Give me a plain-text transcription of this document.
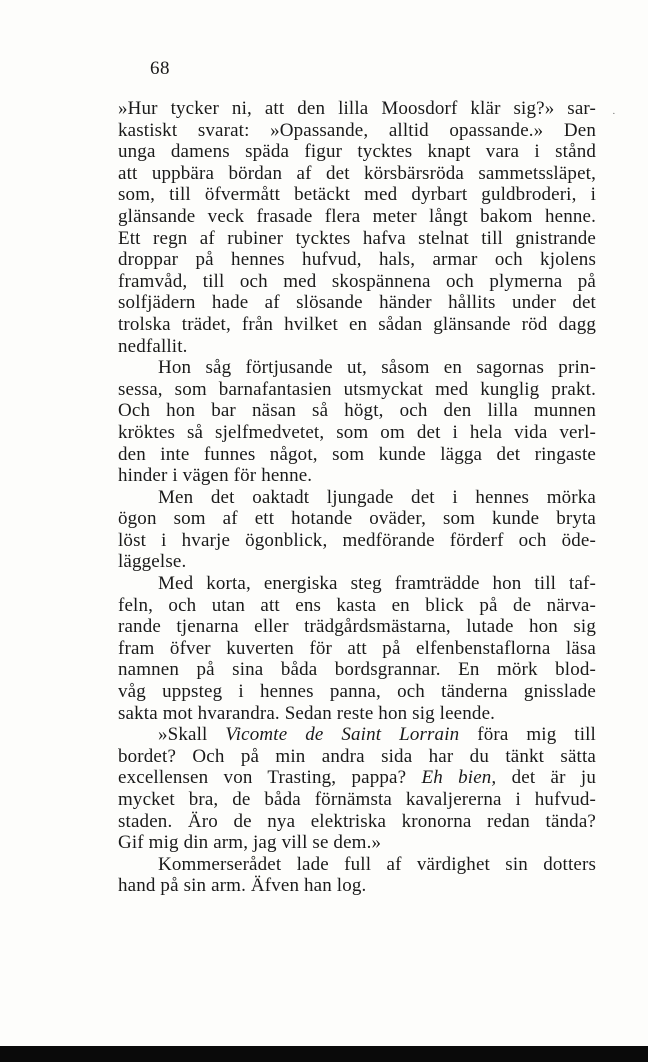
68
·
»Hur tycker ni, att den lilla Moosdorf klär sig?» sar-
kastiskt svarat: »Opassande, alltid opassande.» Den
unga damens späda figur tycktes knapt vara i stånd
att uppbära bördan af det körsbärsröda sammetssläpet,
som, till öfvermått betäckt med dyrbart guldbroderi, i
glänsande veck frasade flera meter långt bakom henne.
Ett regn af rubiner tycktes hafva stelnat till gnistrande
droppar på hennes hufvud, hals, armar och kjolens
framvåd, till och med skospännena och plymerna på
solfjädern hade af slösande händer hållits under det
trolska trädet, från hvilket en sådan glänsande röd dagg
nedfallit.
Hon såg förtjusande ut, såsom en sagornas prin-
sessa, som barnafantasien utsmyckat med kunglig prakt.
Och hon bar näsan så högt, och den lilla munnen
kröktes så sjelfmedvetet, som om det i hela vida verl-
den inte funnes något, som kunde lägga det ringaste
hinder i vägen för henne.
Men det oaktadt ljungade det i hennes mörka
ögon som af ett hotande oväder, som kunde bryta
löst i hvarje ögonblick, medförande förderf och öde-
läggelse.
Med korta, energiska steg framträdde hon till taf-
feln, och utan att ens kasta en blick på de närva-
rande tjenarna eller trädgårdsmästarna, lutade hon sig
fram öfver kuverten för att på elfenbenstaflorna läsa
namnen på sina båda bordsgrannar. En mörk blod-
våg uppsteg i hennes panna, och tänderna gnisslade
sakta mot hvarandra. Sedan reste hon sig leende.
»Skall Vicomte de Saint Lorrain föra mig till
bordet? Och på min andra sida har du tänkt sätta
excellensen von Trasting, pappa? Eh bien, det är ju
mycket bra, de båda förnämsta kavaljererna i hufvud-
staden. Äro de nya elektriska kronorna redan tända?
Gif mig din arm, jag vill se dem.»
Kommerserådet lade full af värdighet sin dotters
hand på sin arm. Äfven han log.
